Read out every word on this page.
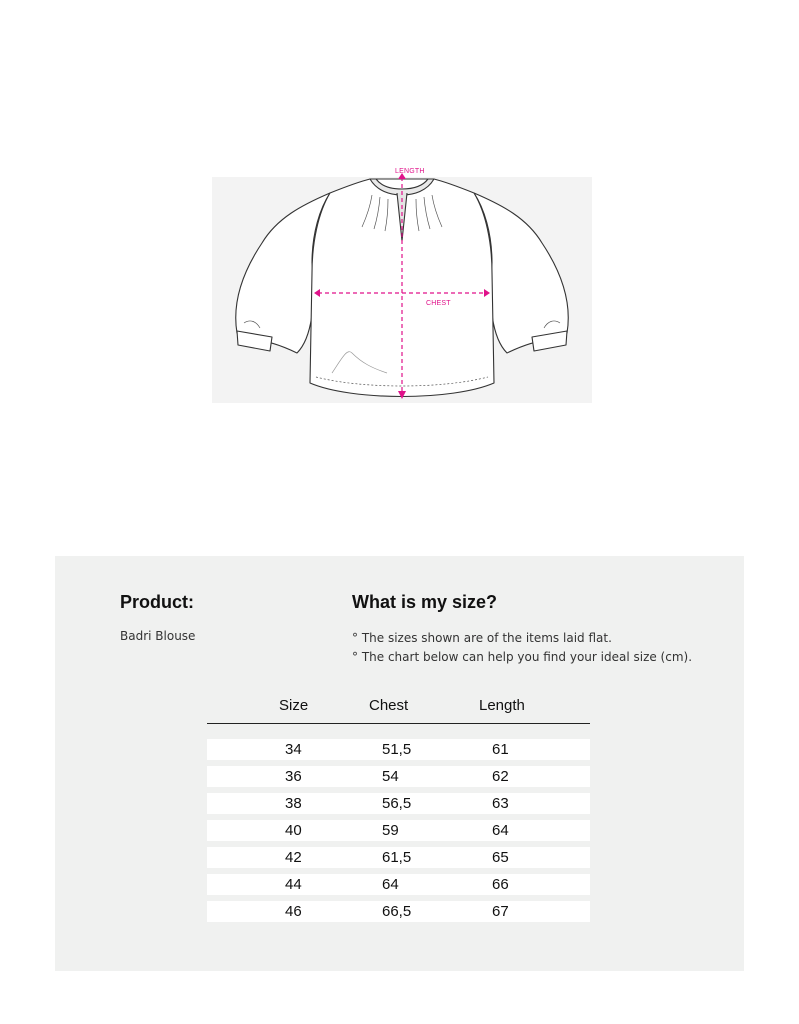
LENGTH
CHEST
Product:
Badri Blouse
What is my size?
° The sizes shown are of the items laid flat.
° The chart below can help you find your ideal size (cm).
Size	Chest	Length
34	51,5	61
36	54	62
38	56,5	63
40	59	64
42	61,5	65
44	64	66
46	66,5	67
